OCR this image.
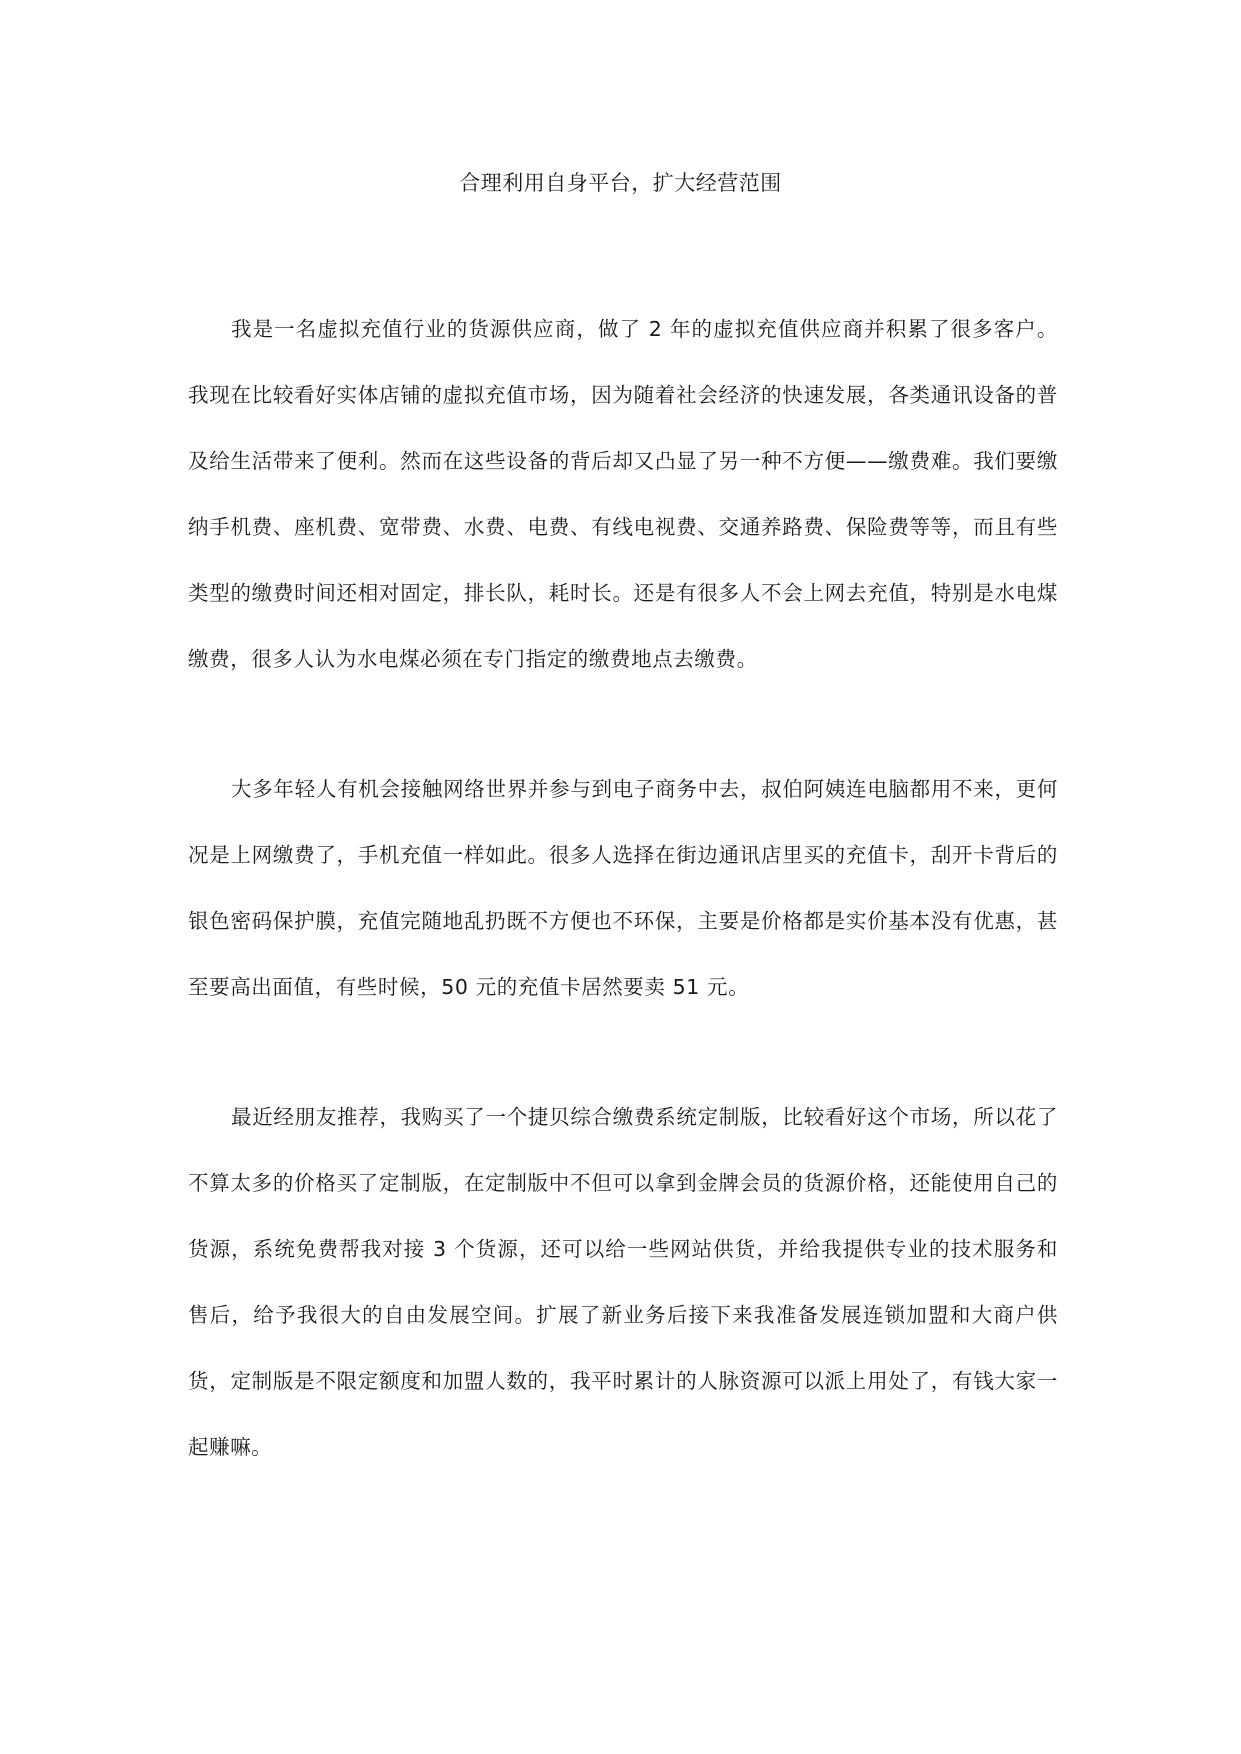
合理利用自身平台，扩大经营范围

我是一名虚拟充值行业的货源供应商，做了 2 年的虚拟充值供应商并积累了很多客户。我现在比较看好实体店铺的虚拟充值市场，因为随着社会经济的快速发展，各类通讯设备的普及给生活带来了便利。然而在这些设备的背后却又凸显了另一种不方便——缴费难。我们要缴纳手机费、座机费、宽带费、水费、电费、有线电视费、交通养路费、保险费等等，而且有些类型的缴费时间还相对固定，排长队，耗时长。还是有很多人不会上网去充值，特别是水电煤缴费，很多人认为水电煤必须在专门指定的缴费地点去缴费。

大多年轻人有机会接触网络世界并参与到电子商务中去，叔伯阿姨连电脑都用不来，更何况是上网缴费了，手机充值一样如此。很多人选择在街边通讯店里买的充值卡，刮开卡背后的银色密码保护膜，充值完随地乱扔既不方便也不环保，主要是价格都是实价基本没有优惠，甚至要高出面值，有些时候，50 元的充值卡居然要卖 51 元。

最近经朋友推荐，我购买了一个捷贝综合缴费系统定制版，比较看好这个市场，所以花了不算太多的价格买了定制版，在定制版中不但可以拿到金牌会员的货源价格，还能使用自己的货源，系统免费帮我对接 3 个货源，还可以给一些网站供货，并给我提供专业的技术服务和售后，给予我很大的自由发展空间。扩展了新业务后接下来我准备发展连锁加盟和大商户供货，定制版是不限定额度和加盟人数的，我平时累计的人脉资源可以派上用处了，有钱大家一起赚嘛。
